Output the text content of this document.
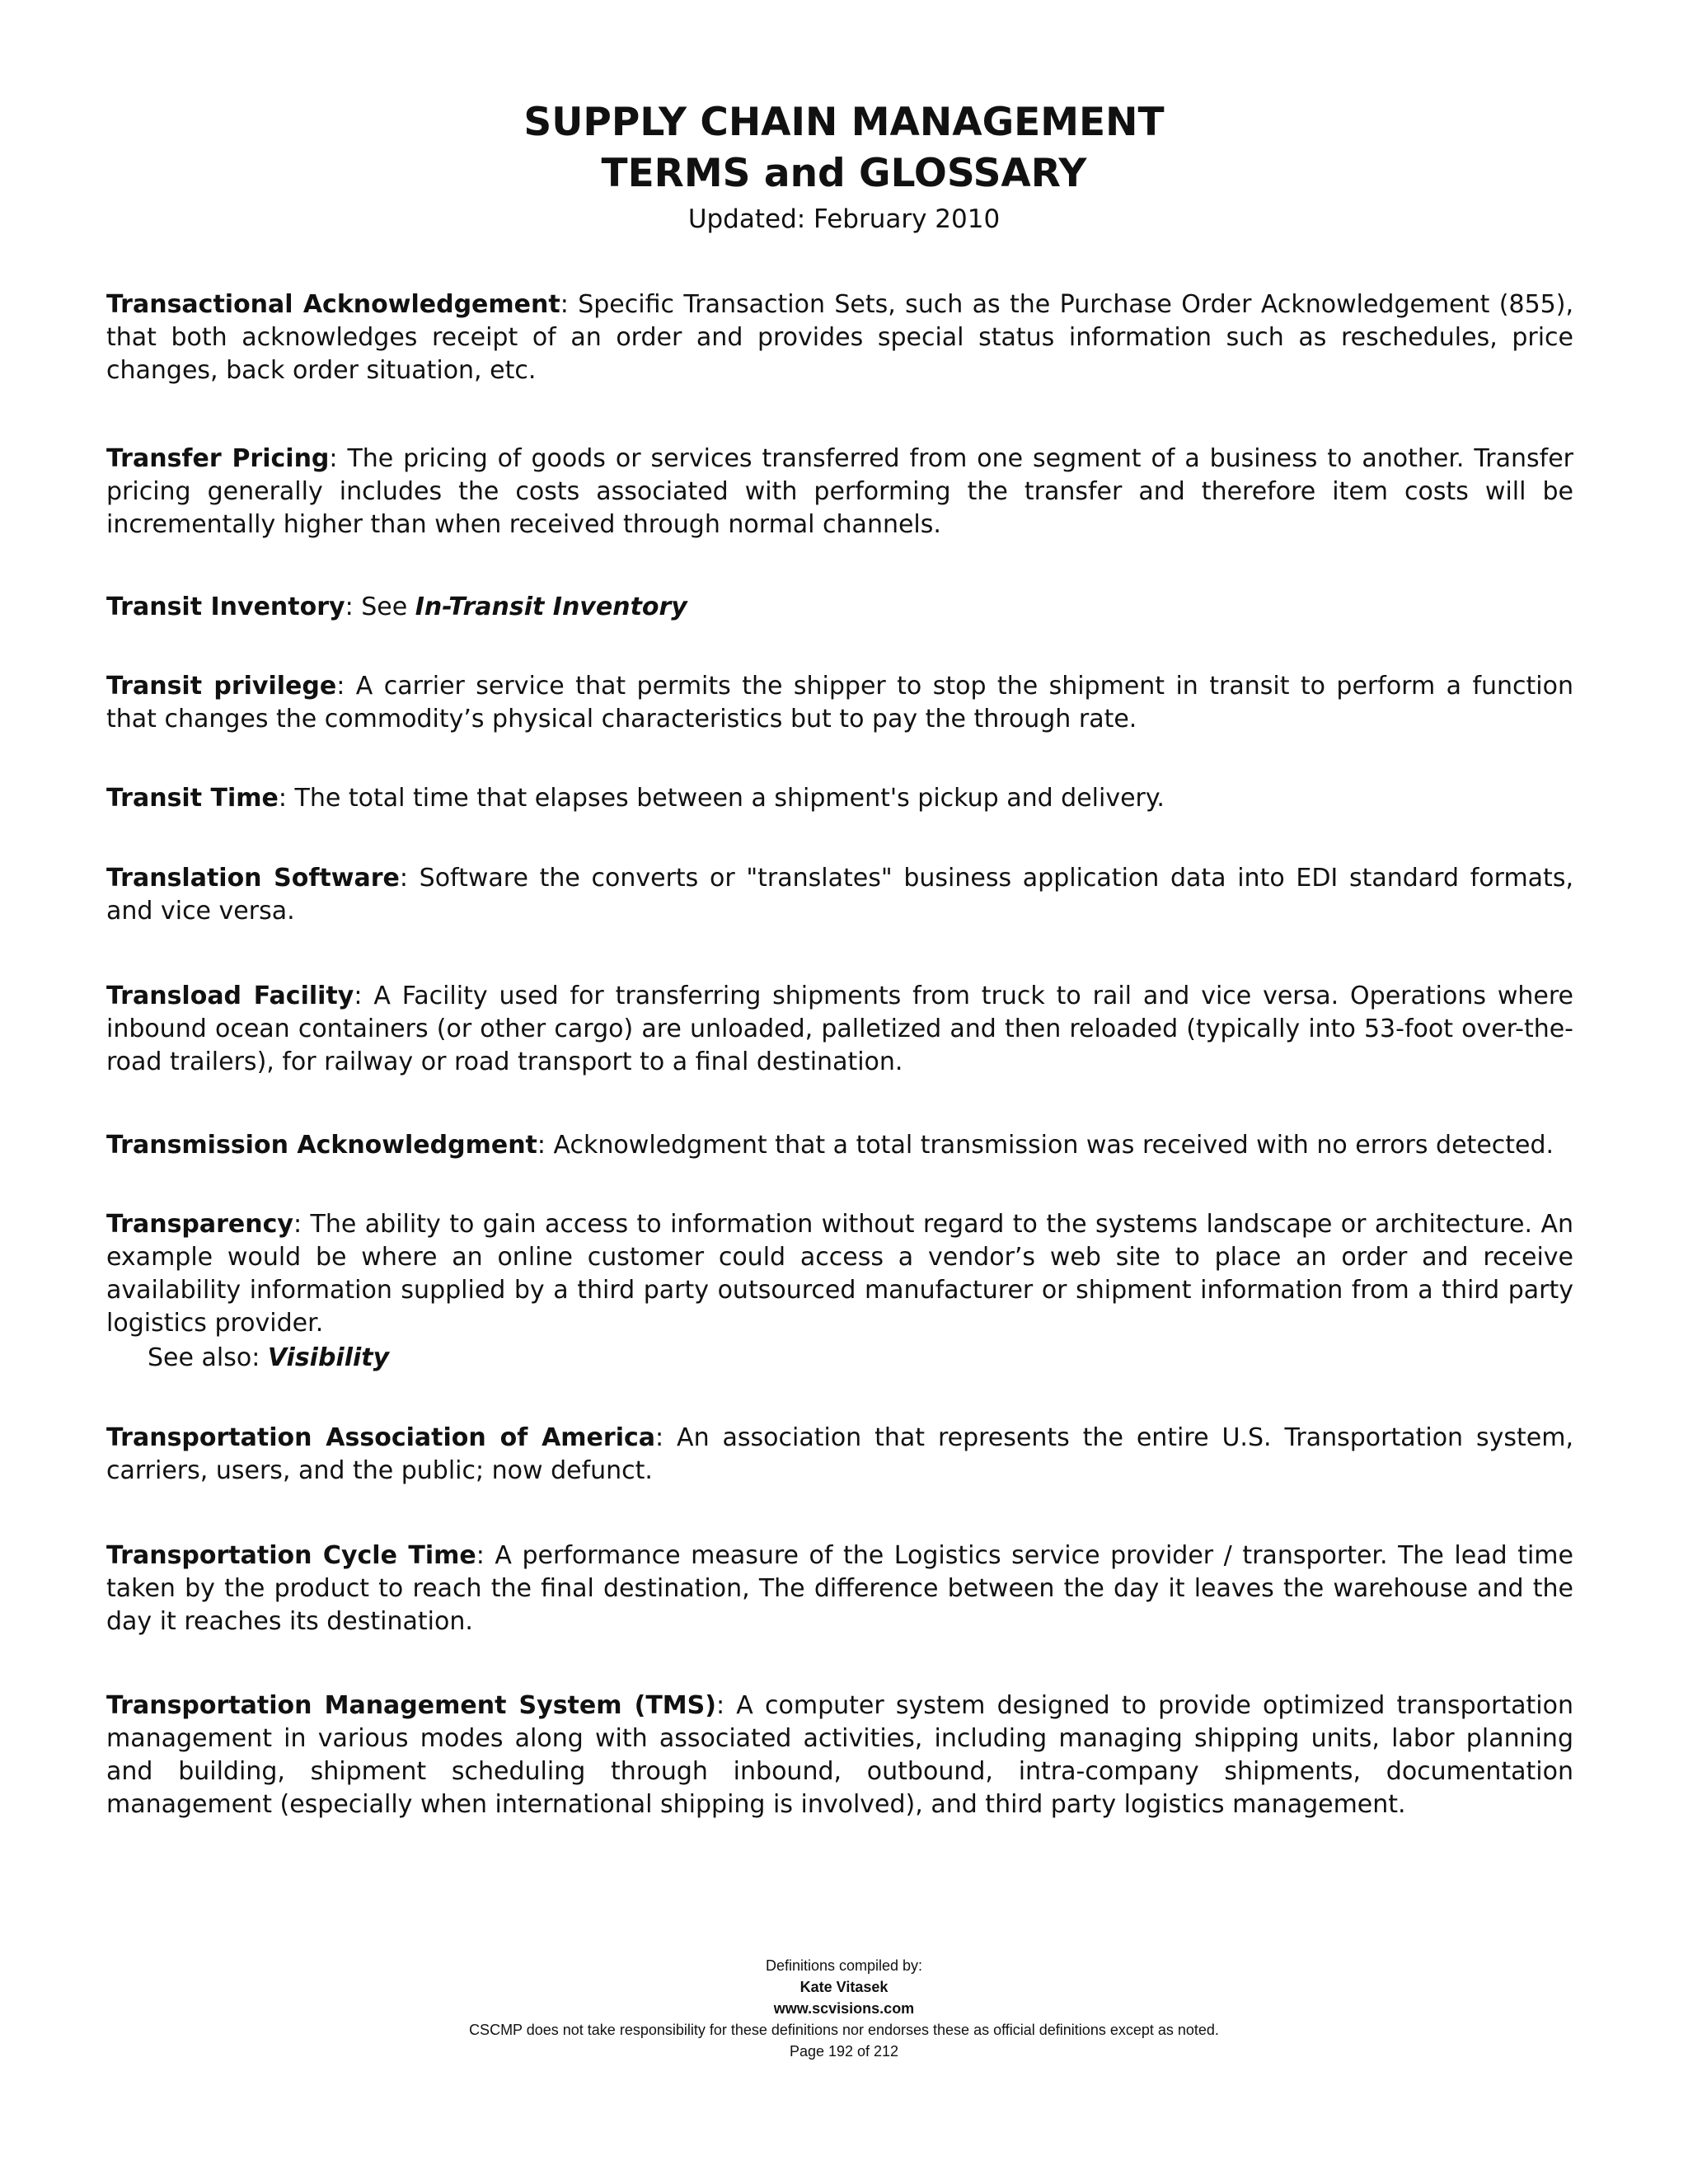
SUPPLY CHAIN MANAGEMENT
TERMS and GLOSSARY
Updated: February 2010

Transactional Acknowledgement: Specific Transaction Sets, such as the Purchase Order Acknowledgement (855), that both acknowledges receipt of an order and provides special status information such as reschedules, price changes, back order situation, etc.

Transfer Pricing: The pricing of goods or services transferred from one segment of a business to another. Transfer pricing generally includes the costs associated with performing the transfer and therefore item costs will be incrementally higher than when received through normal channels.

Transit Inventory: See In-Transit Inventory

Transit privilege: A carrier service that permits the shipper to stop the shipment in transit to perform a function that changes the commodity’s physical characteristics but to pay the through rate.

Transit Time: The total time that elapses between a shipment's pickup and delivery.

Translation Software: Software the converts or "translates" business application data into EDI standard formats, and vice versa.

Transload Facility: A Facility used for transferring shipments from truck to rail and vice versa. Operations where inbound ocean containers (or other cargo) are unloaded, palletized and then reloaded (typically into 53-foot over-the-road trailers), for railway or road transport to a final destination.

Transmission Acknowledgment: Acknowledgment that a total transmission was received with no errors detected.

Transparency: The ability to gain access to information without regard to the systems landscape or architecture. An example would be where an online customer could access a vendor’s web site to place an order and receive availability information supplied by a third party outsourced manufacturer or shipment information from a third party logistics provider.

See also: Visibility

Transportation Association of America: An association that represents the entire U.S. Transportation system, carriers, users, and the public; now defunct.

Transportation Cycle Time: A performance measure of the Logistics service provider / transporter. The lead time taken by the product to reach the final destination, The difference between the day it leaves the warehouse and the day it reaches its destination.

Transportation Management System (TMS): A computer system designed to provide optimized transportation management in various modes along with associated activities, including managing shipping units, labor planning and building, shipment scheduling through inbound, outbound, intra-company shipments, documentation management (especially when international shipping is involved), and third party logistics management.

Definitions compiled by:
Kate Vitasek
www.scvisions.com
CSCMP does not take responsibility for these definitions nor endorses these as official definitions except as noted.
Page 192 of 212
